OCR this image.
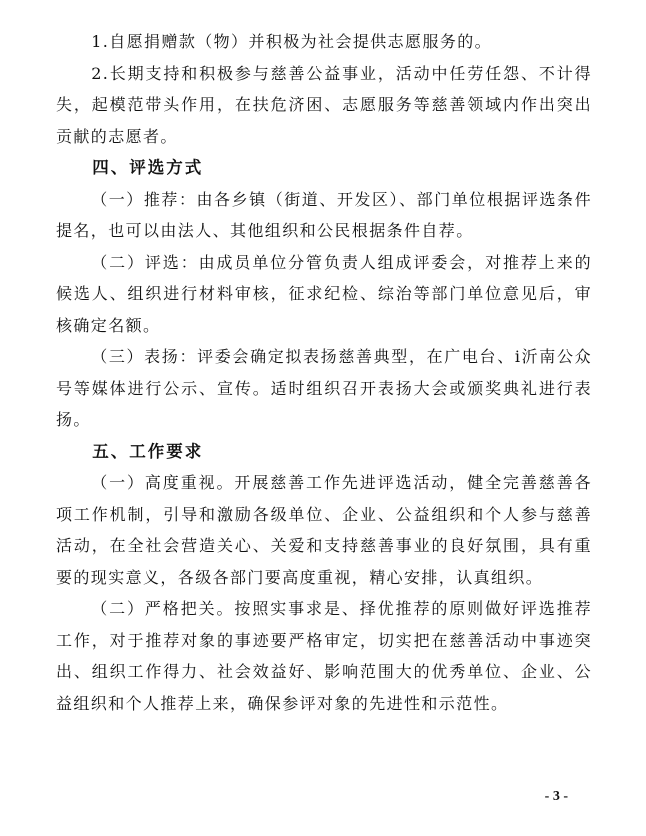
1.自愿捐赠款（物）并积极为社会提供志愿服务的。

2.长期支持和积极参与慈善公益事业，活动中任劳任怨、不计得失，起模范带头作用，在扶危济困、志愿服务等慈善领域内作出突出贡献的志愿者。

四、评选方式

（一）推荐：由各乡镇（街道、开发区）、部门单位根据评选条件提名，也可以由法人、其他组织和公民根据条件自荐。

（二）评选：由成员单位分管负责人组成评委会，对推荐上来的候选人、组织进行材料审核，征求纪检、综治等部门单位意见后，审核确定名额。

（三）表扬：评委会确定拟表扬慈善典型，在广电台、i沂南公众号等媒体进行公示、宣传。适时组织召开表扬大会或颁奖典礼进行表扬。

五、工作要求

（一）高度重视。开展慈善工作先进评选活动，健全完善慈善各项工作机制，引导和激励各级单位、企业、公益组织和个人参与慈善活动，在全社会营造关心、关爱和支持慈善事业的良好氛围，具有重要的现实意义，各级各部门要高度重视，精心安排，认真组织。

（二）严格把关。按照实事求是、择优推荐的原则做好评选推荐工作，对于推荐对象的事迹要严格审定，切实把在慈善活动中事迹突出、组织工作得力、社会效益好、影响范围大的优秀单位、企业、公益组织和个人推荐上来，确保参评对象的先进性和示范性。

- 3 -
